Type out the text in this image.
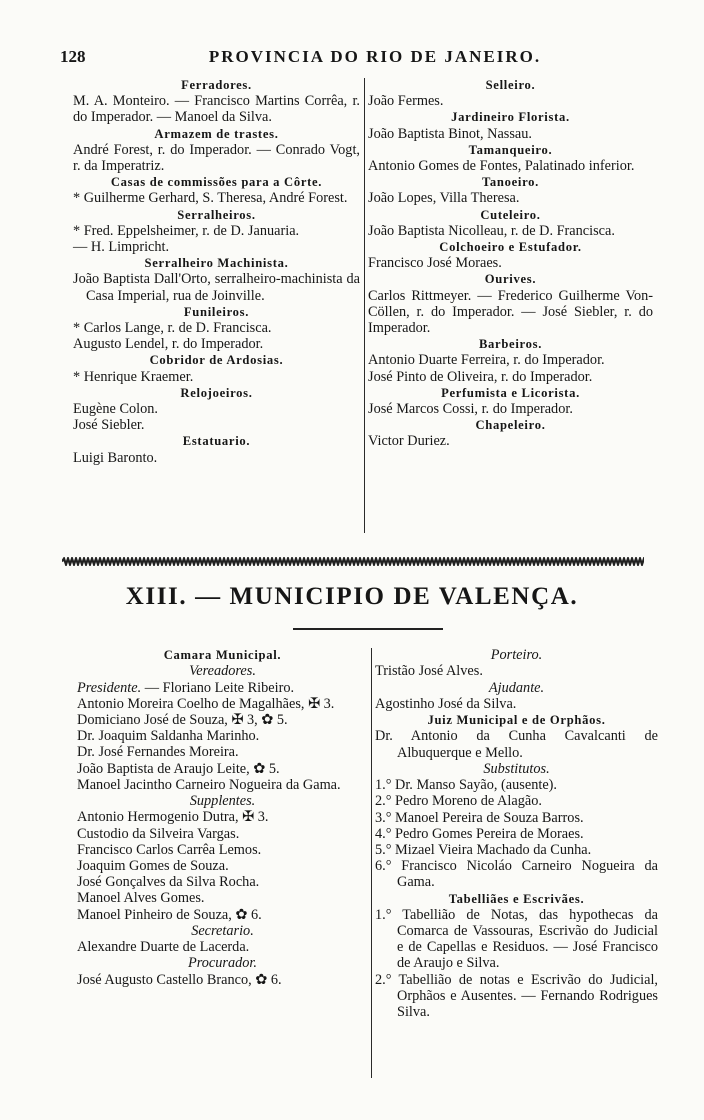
128	PROVINCIA DO RIO DE JANEIRO.

Ferradores.

M. A. Monteiro. — Francisco Martins Corrêa, r. do Imperador. — Manoel da Silva.

Armazem de trastes.

André Forest, r. do Imperador. — Conrado Vogt, r. da Imperatriz.

Casas de commissões para a Côrte.

* Guilherme Gerhard, S. Theresa, André Forest.

Serralheiros.

* Fred. Eppelsheimer, r. de D. Januaria.

— H. Limpricht.

Serralheiro Machinista.

João Baptista Dall'Orto, serralheiro-machinista da Casa Imperial, rua de Joinville.

Funileiros.

* Carlos Lange, r. de D. Francisca.

Augusto Lendel, r. do Imperador.

Cobridor de Ardosias.

* Henrique Kraemer.

Relojoeiros.

Eugène Colon.

José Siebler.

Estatuario.

Luigi Baronto.

Selleiro.

João Fermes.

Jardineiro Florista.

João Baptista Binot, Nassau.

Tamanqueiro.

Antonio Gomes de Fontes, Palatinado inferior.

Tanoeiro.

João Lopes, Villa Theresa.

Cuteleiro.

João Baptista Nicolleau, r. de D. Francisca.

Colchoeiro e Estufador.

Francisco José Moraes.

Ourives.

Carlos Rittmeyer. — Frederico Guilherme Von-Cöllen, r. do Imperador. — José Siebler, r. do Imperador.

Barbeiros.

Antonio Duarte Ferreira, r. do Imperador.

José Pinto de Oliveira, r. do Imperador.

Perfumista e Licorista.

José Marcos Cossi, r. do Imperador.

Chapeleiro.

Victor Duriez.

XIII. — MUNICIPIO DE VALENÇA.

Camara Municipal.

Vereadores.

Presidente. — Floriano Leite Ribeiro.

Antonio Moreira Coelho de Magalhães, ✠ 3.

Domiciano José de Souza, ✠ 3, ✿ 5.

Dr. Joaquim Saldanha Marinho.

Dr. José Fernandes Moreira.

João Baptista de Araujo Leite, ✿ 5.

Manoel Jacintho Carneiro Nogueira da Gama.

Supplentes.

Antonio Hermogenio Dutra, ✠ 3.

Custodio da Silveira Vargas.

Francisco Carlos Carrêa Lemos.

Joaquim Gomes de Souza.

José Gonçalves da Silva Rocha.

Manoel Alves Gomes.

Manoel Pinheiro de Souza, ✿ 6.

Secretario.

Alexandre Duarte de Lacerda.

Procurador.

José Augusto Castello Branco, ✿ 6.

Porteiro.

Tristão José Alves.

Ajudante.

Agostinho José da Silva.

Juiz Municipal e de Orphãos.

Dr. Antonio da Cunha Cavalcanti de Albuquerque e Mello.

Substitutos.

1.° Dr. Manso Sayão, (ausente).

2.° Pedro Moreno de Alagão.

3.° Manoel Pereira de Souza Barros.

4.° Pedro Gomes Pereira de Moraes.

5.° Mizael Vieira Machado da Cunha.

6.° Francisco Nicoláo Carneiro Nogueira da Gama.

Tabelliães e Escrivães.

1.° Tabellião de Notas, das hypothecas da Comarca de Vassouras, Escrivão do Judicial e de Capellas e Residuos. — José Francisco de Araujo e Silva.

2.° Tabellião de notas e Escrivão do Judicial, Orphãos e Ausentes. — Fernando Rodrigues Silva.
